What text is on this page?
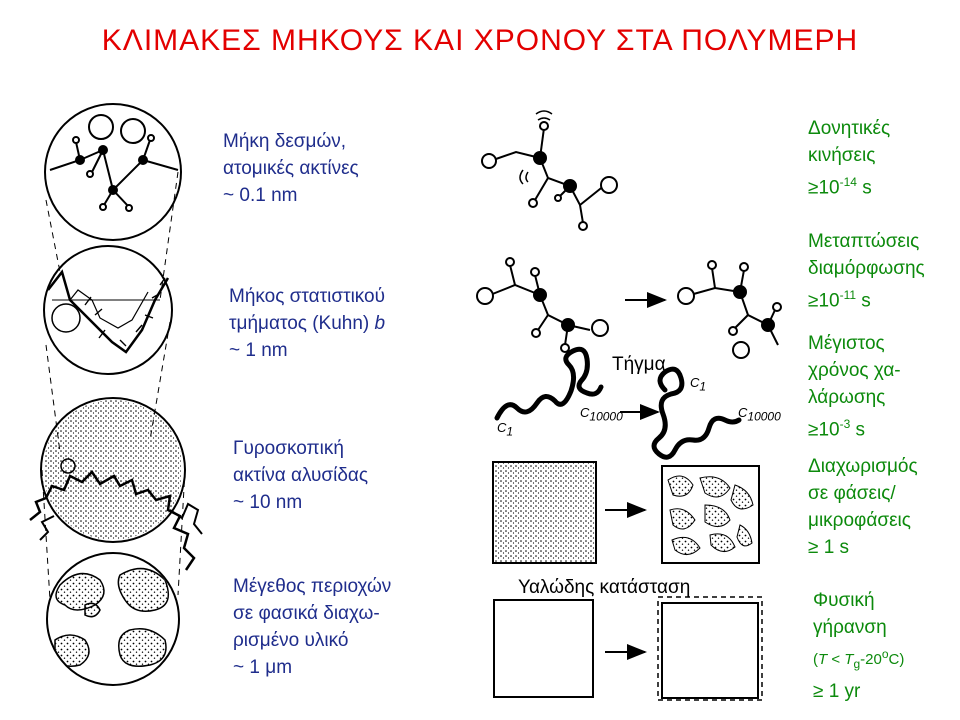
ΚΛΙΜΑΚΕΣ ΜΗΚΟΥΣ ΚΑΙ ΧΡΟΝΟΥ ΣΤΑ ΠΟΛΥΜΕΡΗ
Μήκη δεσμών,
ατομικές ακτίνες
~ 0.1 nm
Μήκος στατιστικού
τμήματος (Kuhn) b
~ 1 nm
Γυροσκοπική
ακτίνα αλυσίδας
~ 10 nm
Μέγεθος περιοχών
σε φασικά διαχω-
ρισμένο υλικό
~ 1 μm
Δονητικές
κινήσεις
$\ge 10^{-14}$ s
Μεταπτώσεις
διαμόρφωσης
$\ge 10^{-11}$ s
Μέγιστος
χρόνος χα-
λάρωσης
$\ge 10^{-3}$ s
Διαχωρισμός
σε φάσεις/
μικροφάσεις
≥ 1 s
Φυσική
γήρανση
$(T < T_g-20^oC)$
≥ 1 yr
Τήγμα
Υαλώδης κατάσταση
$C_1$
$C_{10000}$
$C_1$
$C_{10000}$
